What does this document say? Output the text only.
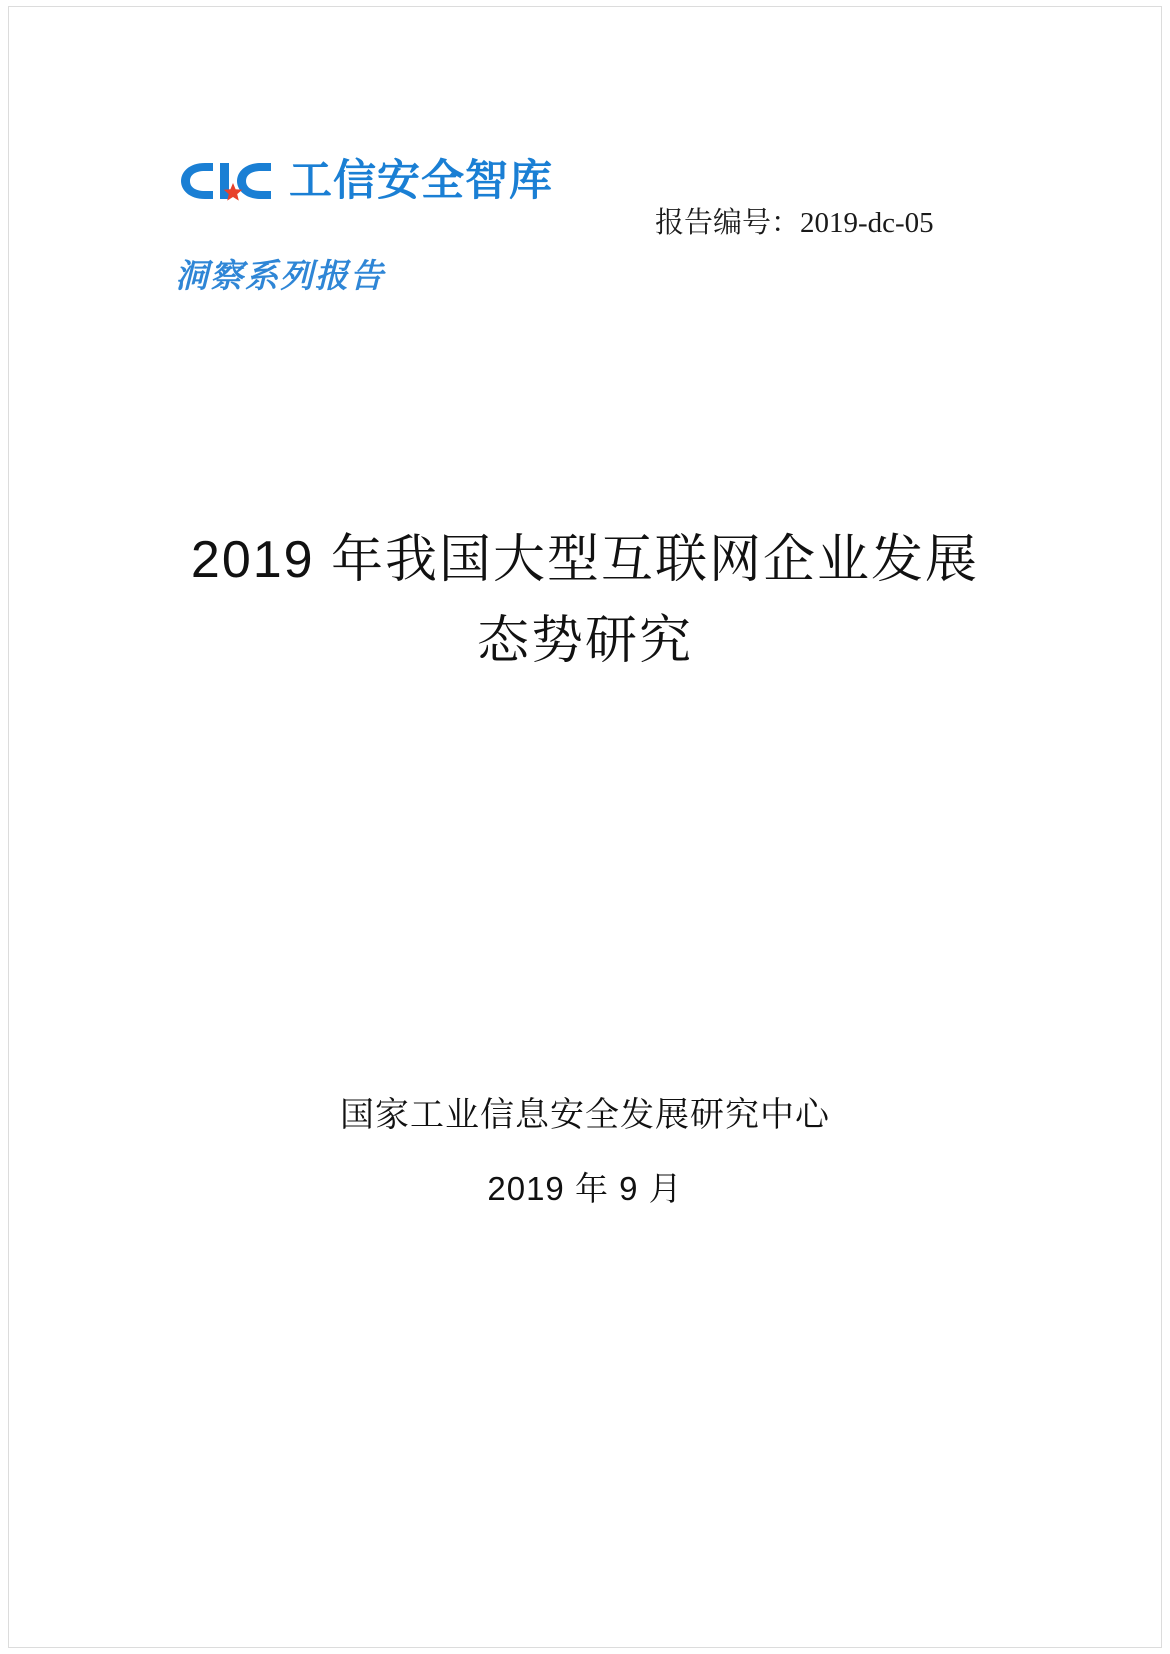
工信安全智库
洞察系列报告
报告编号：2019-dc-05
2019 年我国大型互联网企业发展
态势研究
国家工业信息安全发展研究中心
2019 年 9 月
